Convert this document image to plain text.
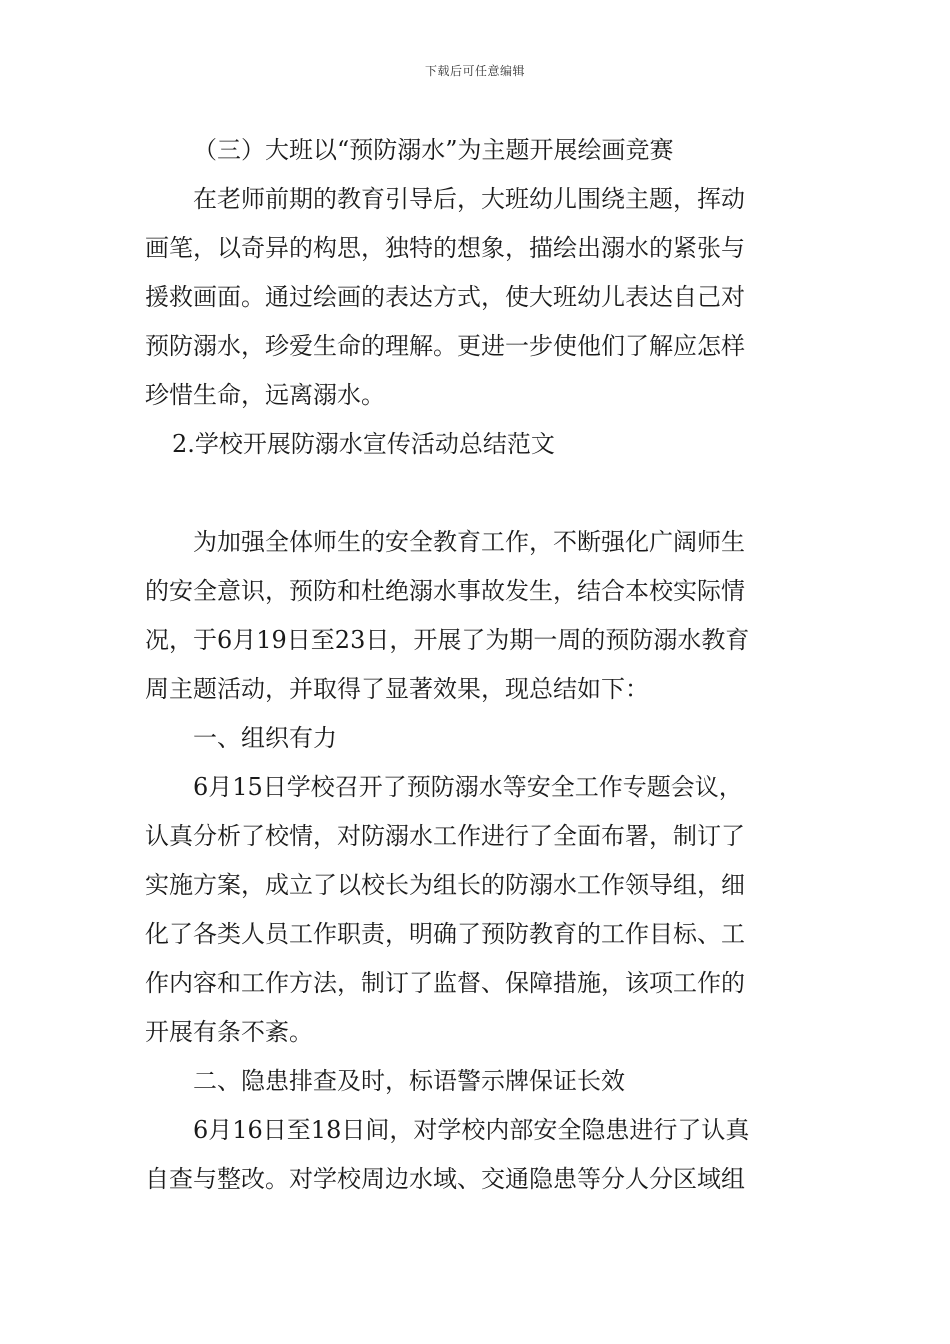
下载后可任意编辑
（三）大班以“预防溺水”为主题开展绘画竞赛
在老师前期的教育引导后，大班幼儿围绕主题，挥动
画笔，以奇异的构思，独特的想象，描绘出溺水的紧张与
援救画面。通过绘画的表达方式，使大班幼儿表达自己对
预防溺水，珍爱生命的理解。更进一步使他们了解应怎样
珍惜生命，远离溺水。
2.学校开展防溺水宣传活动总结范文
为加强全体师生的安全教育工作，不断强化广阔师生
的安全意识，预防和杜绝溺水事故发生，结合本校实际情
况，于6月19日至23日，开展了为期一周的预防溺水教育
周主题活动，并取得了显著效果，现总结如下：
一、组织有力
6月15日学校召开了预防溺水等安全工作专题会议，
认真分析了校情，对防溺水工作进行了全面布署，制订了
实施方案，成立了以校长为组长的防溺水工作领导组，细
化了各类人员工作职责，明确了预防教育的工作目标、工
作内容和工作方法，制订了监督、保障措施，该项工作的
开展有条不紊。
二、隐患排查及时，标语警示牌保证长效
6月16日至18日间，对学校内部安全隐患进行了认真
自查与整改。对学校周边水域、交通隐患等分人分区域组
